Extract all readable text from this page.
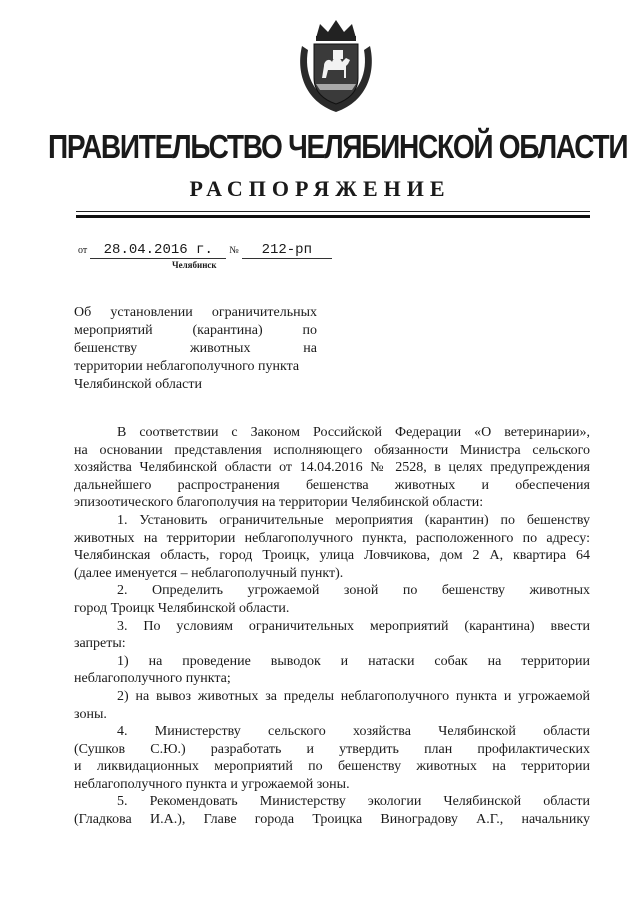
ПРАВИТЕЛЬСТВО ЧЕЛЯБИНСКОЙ ОБЛАСТИ
РАСПОРЯЖЕНИЕ
от 28.04.2016 г. № 212-рп
Челябинск
Об установлении ограничительных
мероприятий (карантина) по
бешенству животных на
территории неблагополучного пункта
Челябинской области
В соответствии с Законом Российской Федерации «О ветеринарии»,
на основании представления исполняющего обязанности Министра сельского
хозяйства Челябинской области от 14.04.2016 № 2528, в целях предупреждения
дальнейшего распространения бешенства животных и обеспечения
эпизоотического благополучия на территории Челябинской области:
1. Установить ограничительные мероприятия (карантин) по бешенству
животных на территории неблагополучного пункта, расположенного по адресу:
Челябинская область, город Троицк, улица Ловчикова, дом 2 А, квартира 64
(далее именуется – неблагополучный пункт).
2. Определить угрожаемой зоной по бешенству животных
город Троицк Челябинской области.
3. По условиям ограничительных мероприятий (карантина) ввести
запреты:
1) на проведение выводок и натаски собак на территории
неблагополучного пункта;
2) на вывоз животных за пределы неблагополучного пункта и угрожаемой
зоны.
4. Министерству сельского хозяйства Челябинской области
(Сушков С.Ю.) разработать и утвердить план профилактических
и ликвидационных мероприятий по бешенству животных на территории
неблагополучного пункта и угрожаемой зоны.
5. Рекомендовать Министерству экологии Челябинской области
(Гладкова И.А.), Главе города Троицка Виноградову А.Г., начальнику
